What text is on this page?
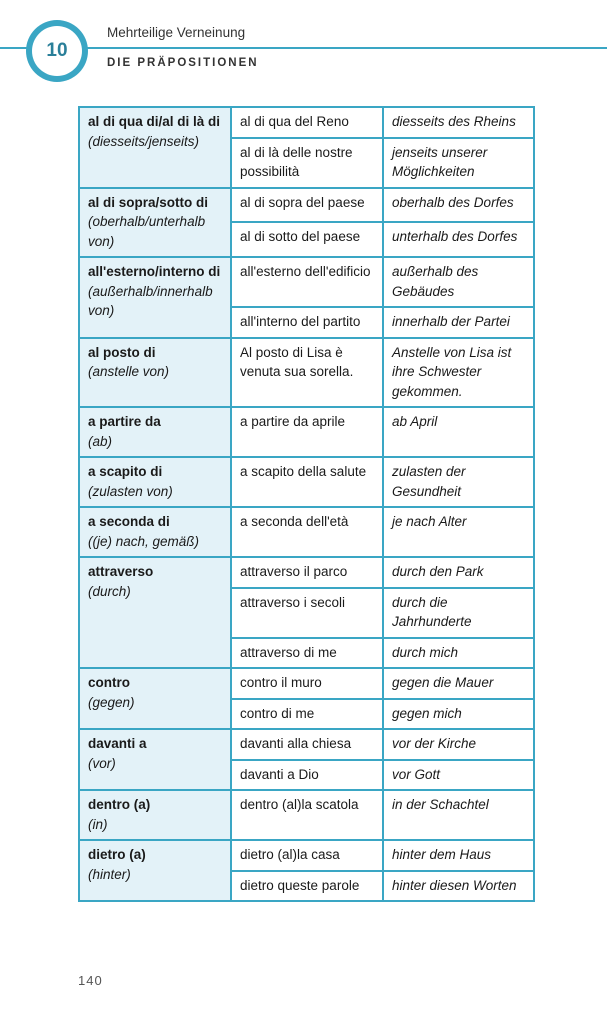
10
Mehrteilige Verneinung
DIE PRÄPOSITIONEN
al di qua di/al di là di
(diesseits/jenseits)	al di qua del Reno	diesseits des Rheins
	al di là delle nostre possibilità	jenseits unserer Möglichkeiten

al di sopra/sotto di
(oberhalb/unterhalb von)	al di sopra del paese	oberhalb des Dorfes
	al di sotto del paese	unterhalb des Dorfes

all'esterno/interno di
(außerhalb/innerhalb von)	all'esterno dell'edificio	außerhalb des Gebäudes
	all'interno del partito	innerhalb der Partei

al posto di
(anstelle von)	Al posto di Lisa è venuta sua sorella.	Anstelle von Lisa ist ihre Schwester gekommen.

a partire da
(ab)	a partire da aprile	ab April

a scapito di
(zulasten von)	a scapito della salute	zulasten der Gesundheit

a seconda di
((je) nach, gemäß)	a seconda dell'età	je nach Alter

attraverso
(durch)	attraverso il parco	durch den Park
	attraverso i secoli	durch die Jahrhunderte
	attraverso di me	durch mich

contro
(gegen)	contro il muro	gegen die Mauer
	contro di me	gegen mich

davanti a
(vor)	davanti alla chiesa	vor der Kirche
	davanti a Dio	vor Gott

dentro (a)
(in)	dentro (al)la scatola	in der Schachtel

dietro (a)
(hinter)	dietro (al)la casa	hinter dem Haus
	dietro queste parole	hinter diesen Worten
140
